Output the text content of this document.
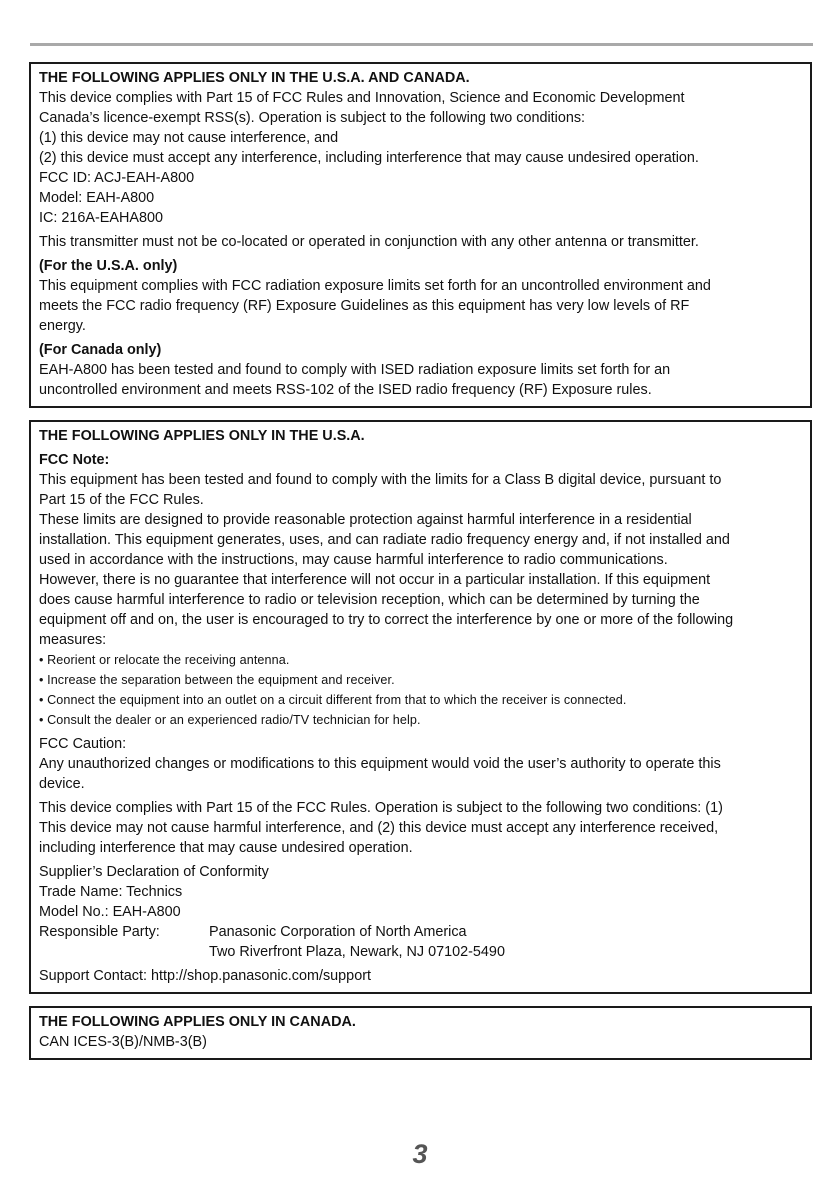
THE FOLLOWING APPLIES ONLY IN THE U.S.A. AND CANADA.
This device complies with Part 15 of FCC Rules and Innovation, Science and Economic Development
Canada’s licence-exempt RSS(s). Operation is subject to the following two conditions:
(1) this device may not cause interference, and
(2) this device must accept any interference, including interference that may cause undesired operation.
FCC ID: ACJ-EAH-A800
Model: EAH-A800
IC: 216A-EAHA800
This transmitter must not be co-located or operated in conjunction with any other antenna or transmitter.
(For the U.S.A. only)
This equipment complies with FCC radiation exposure limits set forth for an uncontrolled environment and
meets the FCC radio frequency (RF) Exposure Guidelines as this equipment has very low levels of RF
energy.
(For Canada only)
EAH-A800 has been tested and found to comply with ISED radiation exposure limits set forth for an
uncontrolled environment and meets RSS-102 of the ISED radio frequency (RF) Exposure rules.
THE FOLLOWING APPLIES ONLY IN THE U.S.A.
FCC Note:
This equipment has been tested and found to comply with the limits for a Class B digital device, pursuant to
Part 15 of the FCC Rules.
These limits are designed to provide reasonable protection against harmful interference in a residential
installation. This equipment generates, uses, and can radiate radio frequency energy and, if not installed and
used in accordance with the instructions, may cause harmful interference to radio communications.
However, there is no guarantee that interference will not occur in a particular installation. If this equipment
does cause harmful interference to radio or television reception, which can be determined by turning the
equipment off and on, the user is encouraged to try to correct the interference by one or more of the following
measures:
• Reorient or relocate the receiving antenna.
• Increase the separation between the equipment and receiver.
• Connect the equipment into an outlet on a circuit different from that to which the receiver is connected.
• Consult the dealer or an experienced radio/TV technician for help.
FCC Caution:
Any unauthorized changes or modifications to this equipment would void the user’s authority to operate this
device.
This device complies with Part 15 of the FCC Rules. Operation is subject to the following two conditions: (1)
This device may not cause harmful interference, and (2) this device must accept any interference received,
including interference that may cause undesired operation.
Supplier’s Declaration of Conformity
Trade Name: Technics
Model No.: EAH-A800
Responsible Party:	Panasonic Corporation of North America
Two Riverfront Plaza, Newark, NJ 07102-5490
Support Contact: http://shop.panasonic.com/support
THE FOLLOWING APPLIES ONLY IN CANADA.
CAN ICES-3(B)/NMB-3(B)
3
